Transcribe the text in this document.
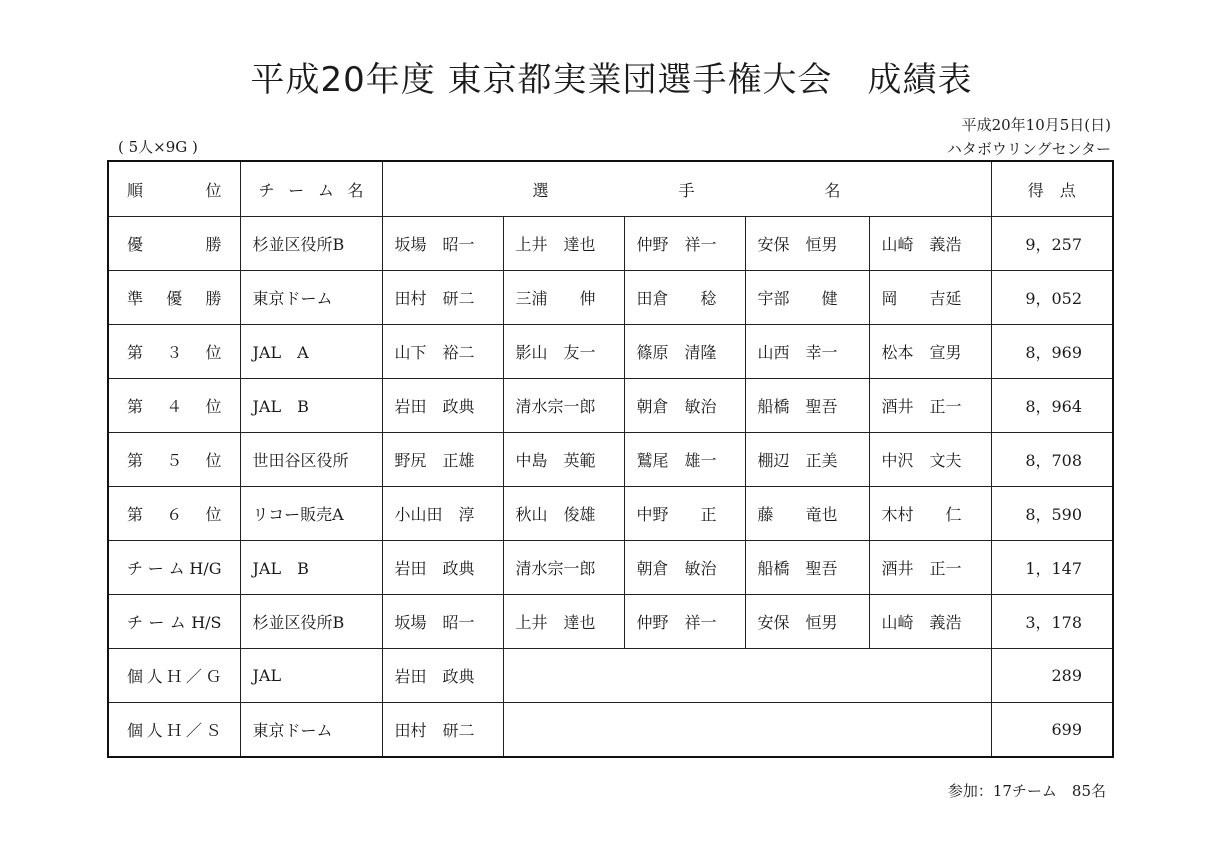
平成20年度 東京都実業団選手権大会　成績表
平成20年10月5日(日)
ハタボウリングセンター
( 5人×9G )
順　　位	チーム名	選　　手　　名					得　点
優　　勝	杉並区役所B	坂場　昭一	上井　達也	仲野　祥一	安保　恒男	山崎　義浩	9，257
準 優 勝	東京ドーム	田村　研二	三浦　　伸	田倉　　稔	宇部　　健	岡　　吉延	9，052
第 ３ 位	JAL　A	山下　裕二	影山　友一	篠原　清隆	山西　幸一	松本　宣男	8，969
第 ４ 位	JAL　B	岩田　政典	清水宗一郎	朝倉　敏治	船橋　聖吾	酒井　正一	8，964
第 ５ 位	世田谷区役所	野尻　正雄	中島　英範	鷲尾　雄一	棚辺　正美	中沢　文夫	8，708
第 ６ 位	リコー販売A	小山田　淳	秋山　俊雄	中野　　正	藤　　竜也	木村　　仁	8，590
チームH/G	JAL　B	岩田　政典	清水宗一郎	朝倉　敏治	船橋　聖吾	酒井　正一	1，147
チームH/S	杉並区役所B	坂場　昭一	上井　達也	仲野　祥一	安保　恒男	山崎　義浩	3，178
個人Ｈ／Ｇ	JAL	岩田　政典					289
個人Ｈ／Ｓ	東京ドーム	田村　研二					699
参加：17チーム　85名
